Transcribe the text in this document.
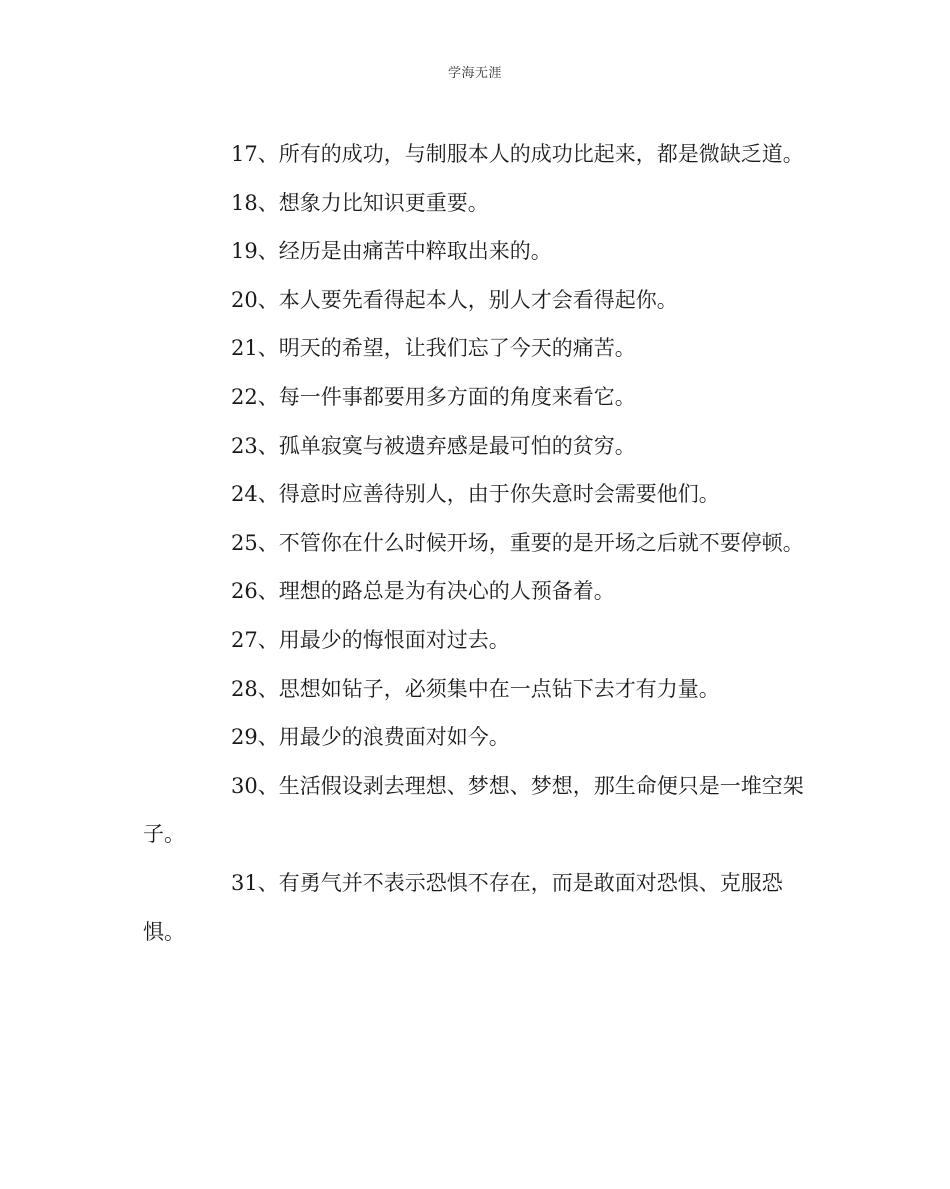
学海无涯

17、所有的成功，与制服本人的成功比起来，都是微缺乏道。

18、想象力比知识更重要。

19、经历是由痛苦中粹取出来的。

20、本人要先看得起本人，别人才会看得起你。

21、明天的希望，让我们忘了今天的痛苦。

22、每一件事都要用多方面的角度来看它。

23、孤单寂寞与被遗弃感是最可怕的贫穷。

24、得意时应善待别人，由于你失意时会需要他们。

25、不管你在什么时候开场，重要的是开场之后就不要停顿。

26、理想的路总是为有决心的人预备着。

27、用最少的悔恨面对过去。

28、思想如钻子，必须集中在一点钻下去才有力量。

29、用最少的浪费面对如今。

30、生活假设剥去理想、梦想、梦想，那生命便只是一堆空架子。

31、有勇气并不表示恐惧不存在，而是敢面对恐惧、克服恐惧。
